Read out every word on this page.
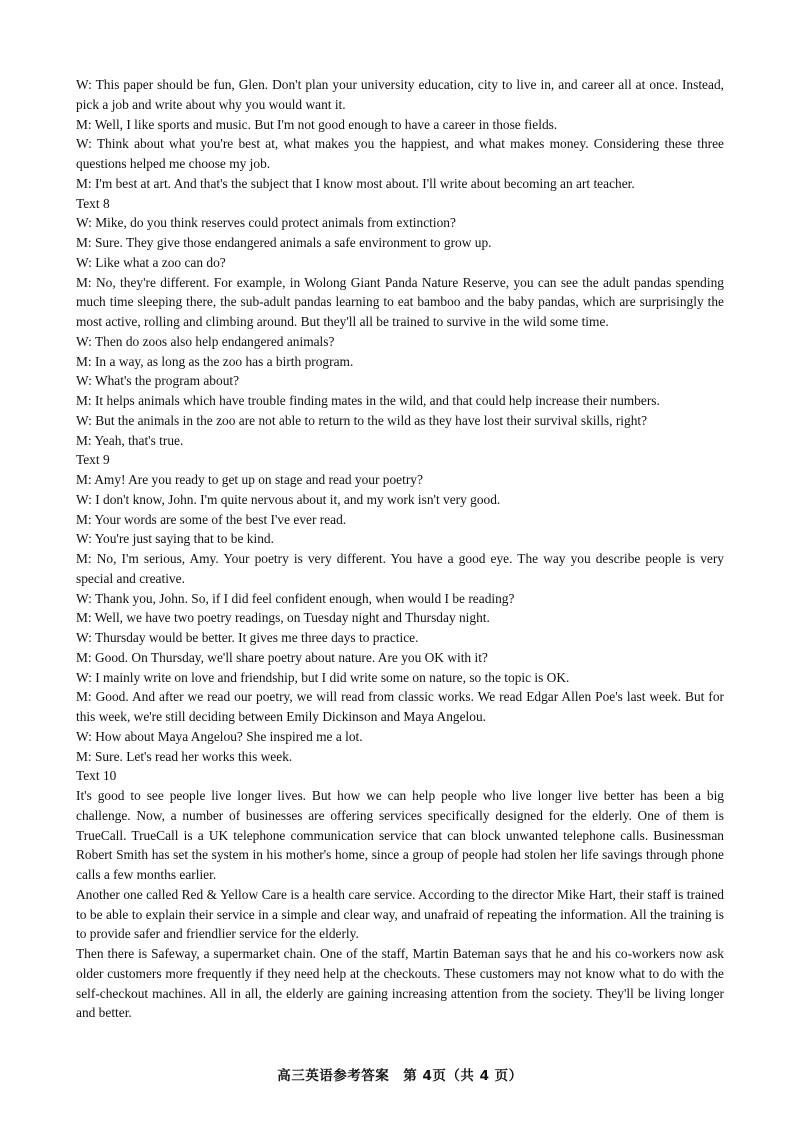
W: This paper should be fun, Glen. Don't plan your university education, city to live in, and career all at once. Instead, pick a job and write about why you would want it.

M: Well, I like sports and music. But I'm not good enough to have a career in those fields.

W: Think about what you're best at, what makes you the happiest, and what makes money. Considering these three questions helped me choose my job.

M: I'm best at art. And that's the subject that I know most about. I'll write about becoming an art teacher.

Text 8

W: Mike, do you think reserves could protect animals from extinction?

M: Sure. They give those endangered animals a safe environment to grow up.

W: Like what a zoo can do?

M: No, they're different. For example, in Wolong Giant Panda Nature Reserve, you can see the adult pandas spending much time sleeping there, the sub-adult pandas learning to eat bamboo and the baby pandas, which are surprisingly the most active, rolling and climbing around. But they'll all be trained to survive in the wild some time.

W: Then do zoos also help endangered animals?

M: In a way, as long as the zoo has a birth program.

W: What's the program about?

M: It helps animals which have trouble finding mates in the wild, and that could help increase their numbers.

W: But the animals in the zoo are not able to return to the wild as they have lost their survival skills, right?

M: Yeah, that's true.

Text 9

M: Amy! Are you ready to get up on stage and read your poetry?

W: I don't know, John. I'm quite nervous about it, and my work isn't very good.

M: Your words are some of the best I've ever read.

W: You're just saying that to be kind.

M: No, I'm serious, Amy. Your poetry is very different. You have a good eye. The way you describe people is very special and creative.

W: Thank you, John. So, if I did feel confident enough, when would I be reading?

M: Well, we have two poetry readings, on Tuesday night and Thursday night.

W: Thursday would be better. It gives me three days to practice.

M: Good. On Thursday, we'll share poetry about nature. Are you OK with it?

W: I mainly write on love and friendship, but I did write some on nature, so the topic is OK.

M: Good. And after we read our poetry, we will read from classic works. We read Edgar Allen Poe's last week. But for this week, we're still deciding between Emily Dickinson and Maya Angelou.

W: How about Maya Angelou? She inspired me a lot.

M: Sure. Let's read her works this week.

Text 10

It's good to see people live longer lives. But how we can help people who live longer live better has been a big challenge. Now, a number of businesses are offering services specifically designed for the elderly. One of them is TrueCall. TrueCall is a UK telephone communication service that can block unwanted telephone calls. Businessman Robert Smith has set the system in his mother's home, since a group of people had stolen her life savings through phone calls a few months earlier.

Another one called Red & Yellow Care is a health care service. According to the director Mike Hart, their staff is trained to be able to explain their service in a simple and clear way, and unafraid of repeating the information. All the training is to provide safer and friendlier service for the elderly.

Then there is Safeway, a supermarket chain. One of the staff, Martin Bateman says that he and his co-workers now ask older customers more frequently if they need help at the checkouts. These customers may not know what to do with the self-checkout machines. All in all, the elderly are gaining increasing attention from the society. They'll be living longer and better.

高三英语参考答案　第 4页（共 4 页）
